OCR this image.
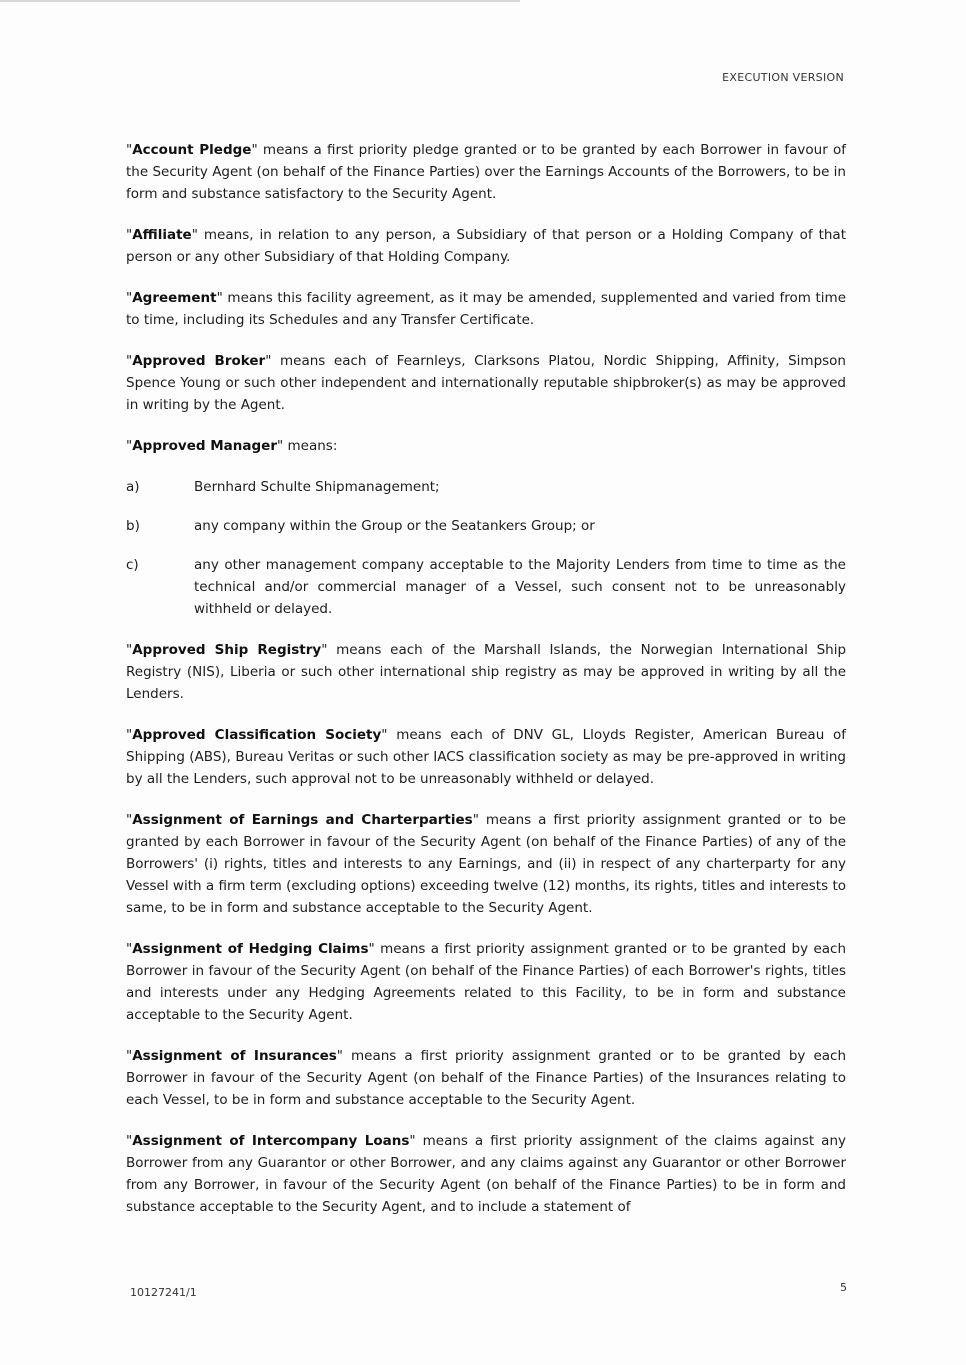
EXECUTION VERSION

"Account Pledge" means a first priority pledge granted or to be granted by each Borrower in favour of the Security Agent (on behalf of the Finance Parties) over the Earnings Accounts of the Borrowers, to be in form and substance satisfactory to the Security Agent.

"Affiliate" means, in relation to any person, a Subsidiary of that person or a Holding Company of that person or any other Subsidiary of that Holding Company.

"Agreement" means this facility agreement, as it may be amended, supplemented and varied from time to time, including its Schedules and any Transfer Certificate.

"Approved Broker" means each of Fearnleys, Clarksons Platou, Nordic Shipping, Affinity, Simpson Spence Young or such other independent and internationally reputable shipbroker(s) as may be approved in writing by the Agent.

"Approved Manager" means:

a)	Bernhard Schulte Shipmanagement;
b)	any company within the Group or the Seatankers Group; or
c)	any other management company acceptable to the Majority Lenders from time to time as the technical and/or commercial manager of a Vessel, such consent not to be unreasonably withheld or delayed.

"Approved Ship Registry" means each of the Marshall Islands, the Norwegian International Ship Registry (NIS), Liberia or such other international ship registry as may be approved in writing by all the Lenders.

"Approved Classification Society" means each of DNV GL, Lloyds Register, American Bureau of Shipping (ABS), Bureau Veritas or such other IACS classification society as may be pre-approved in writing by all the Lenders, such approval not to be unreasonably withheld or delayed.

"Assignment of Earnings and Charterparties" means a first priority assignment granted or to be granted by each Borrower in favour of the Security Agent (on behalf of the Finance Parties) of any of the Borrowers' (i) rights, titles and interests to any Earnings, and (ii) in respect of any charterparty for any Vessel with a firm term (excluding options) exceeding twelve (12) months, its rights, titles and interests to same, to be in form and substance acceptable to the Security Agent.

"Assignment of Hedging Claims" means a first priority assignment granted or to be granted by each Borrower in favour of the Security Agent (on behalf of the Finance Parties) of each Borrower's rights, titles and interests under any Hedging Agreements related to this Facility, to be in form and substance acceptable to the Security Agent.

"Assignment of Insurances" means a first priority assignment granted or to be granted by each Borrower in favour of the Security Agent (on behalf of the Finance Parties) of the Insurances relating to each Vessel, to be in form and substance acceptable to the Security Agent.

"Assignment of Intercompany Loans" means a first priority assignment of the claims against any Borrower from any Guarantor or other Borrower, and any claims against any Guarantor or other Borrower from any Borrower, in favour of the Security Agent (on behalf of the Finance Parties) to be in form and substance acceptable to the Security Agent, and to include a statement of

10127241/1	5
